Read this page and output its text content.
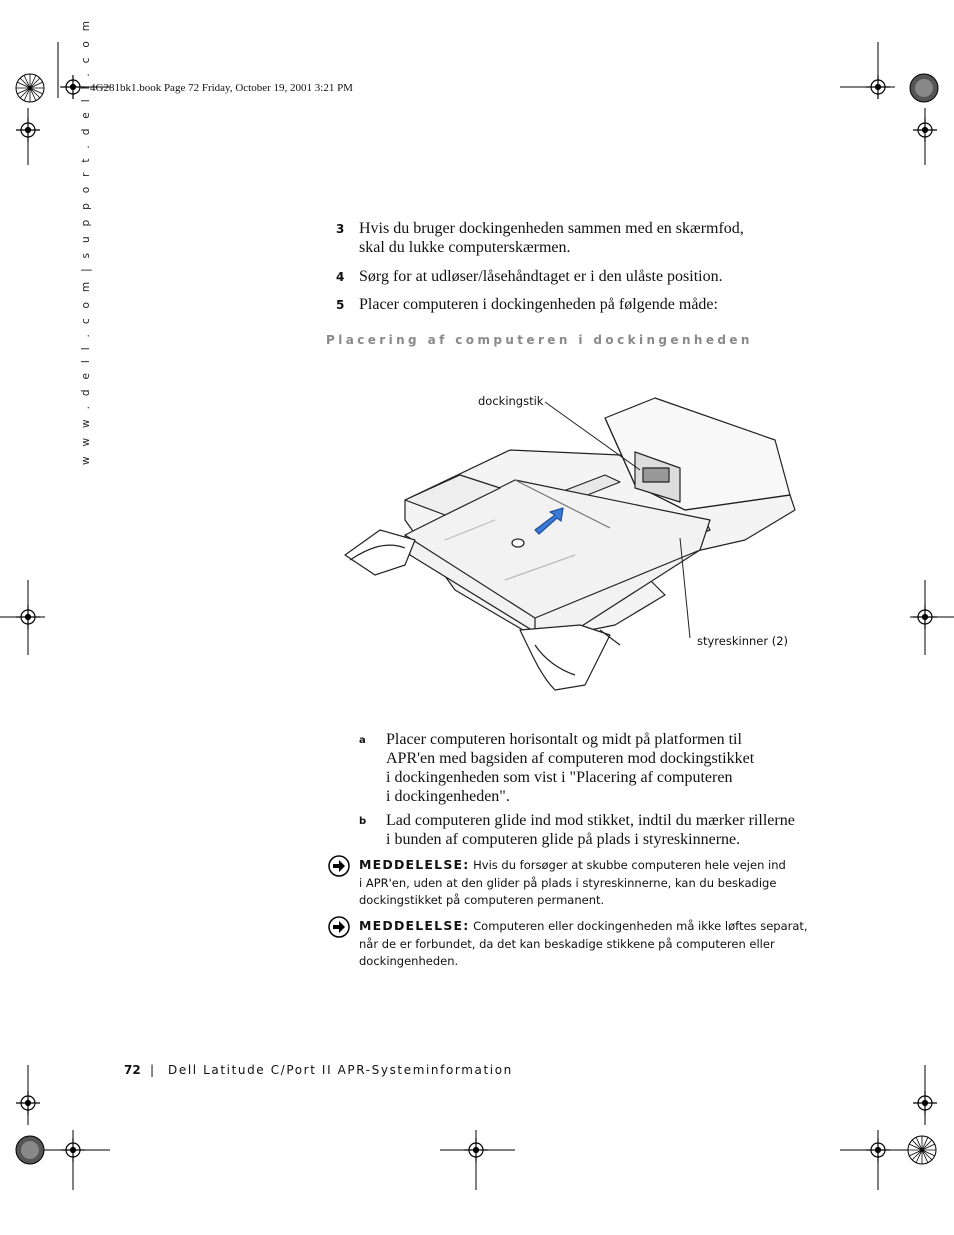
4G281bk1.book Page 72 Friday, October 19, 2001 3:21 PM
w w w . d e l l . c o m | s u p p o r t . d e l l . c o m	3 Hvis du bruger dockingenheden sammen med en skærmfod,
skal du lukke computerskærmen.
4 Sørg for at udløser/låsehåndtaget er i den ulåste position.
5 Placer computeren i dockingenheden på følgende måde:
Placering af computeren i dockingenheden
dockingstik
styreskinner (2)
a Placer computeren horisontalt og midt på platformen til
APR'en med bagsiden af computeren mod dockingstikket
i dockingenheden som vist i "Placering af computeren
i dockingenheden".
b Lad computeren glide ind mod stikket, indtil du mærker rillerne
i bunden af computeren glide på plads i styreskinnerne.
MEDDELELSE: Hvis du forsøger at skubbe computeren hele vejen ind
i APR'en, uden at den glider på plads i styreskinnerne, kan du beskadige
dockingstikket på computeren permanent.
MEDDELELSE: Computeren eller dockingenheden må ikke løftes separat,
når de er forbundet, da det kan beskadige stikkene på computeren eller
dockingenheden.
72 | Dell Latitude C/Port II APR-Systeminformation
